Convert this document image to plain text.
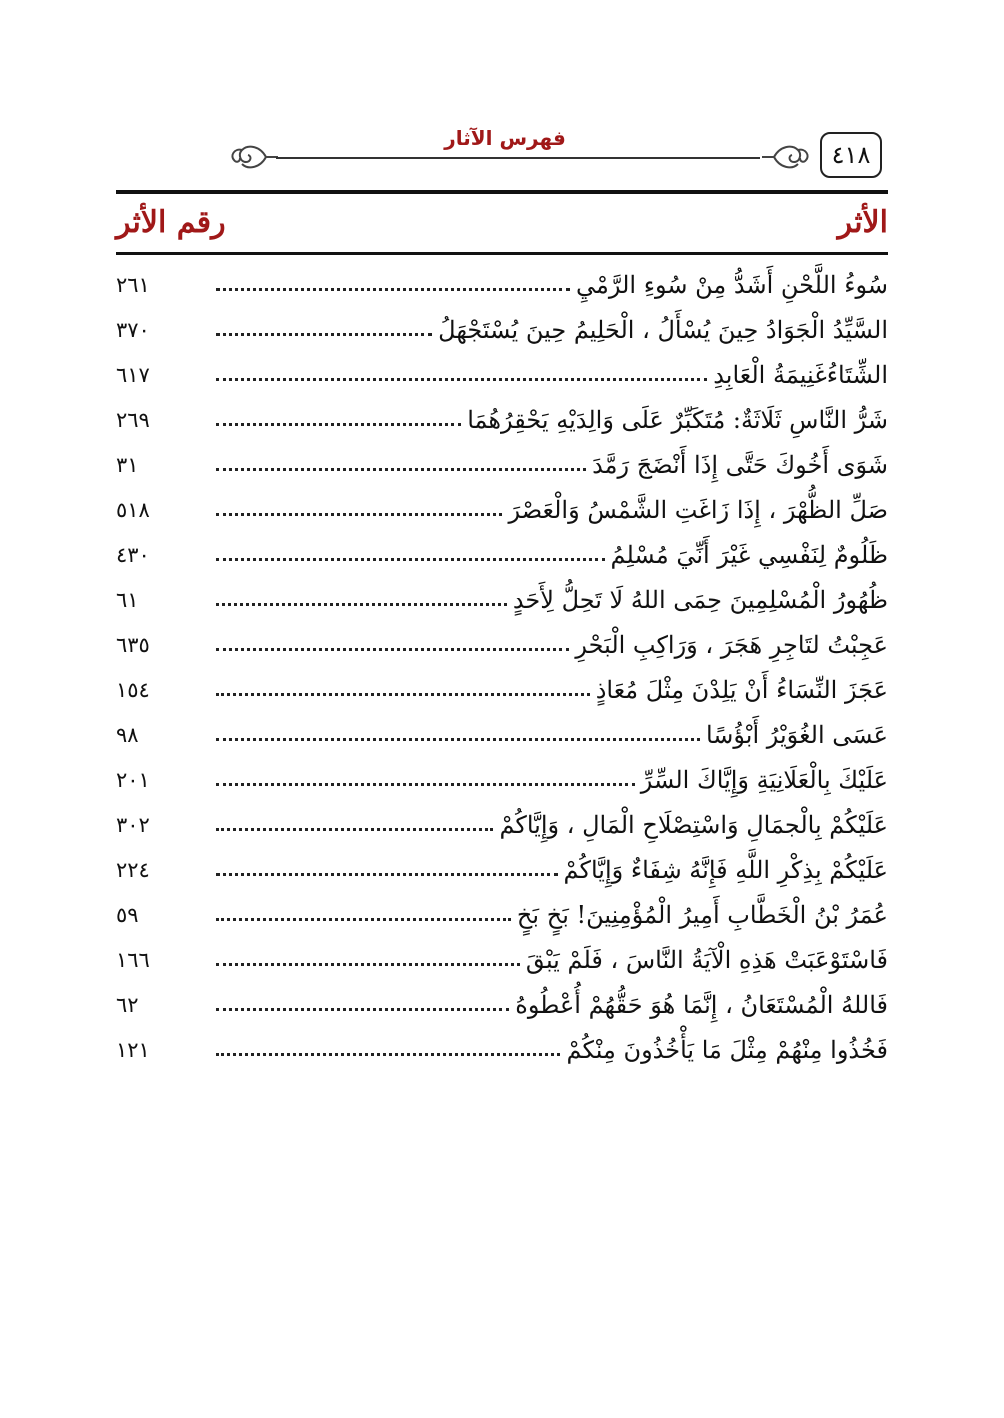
٤١٨
فهرس الآثار
الأثر
رقم الأثر
٢٦١	سُوءُ اللَّحْنِ أَشَدُّ مِنْ سُوءِ الرَّمْيِ
٣٧٠	السَّيِّدُ الْجَوَادُ حِينَ يُسْأَلُ ، الْحَلِيمُ حِينَ يُسْتَجْهَلُ
٦١٧	الشِّتَاءُغَنِيمَةُ الْعَابِدِ
٢٦٩	شَرُّ النَّاسِ ثَلَاثَةٌ: مُتَكَبِّرٌ عَلَى وَالِدَيْهِ يَحْقِرُهُمَا
٣١	شَوَى أَخُوكَ حَتَّى إِذَا أَنْضَجَ رَمَّدَ
٥١٨	صَلِّ الظُّهْرَ ، إِذَا زَاغَتِ الشَّمْسُ وَالْعَصْرَ
٤٣٠	ظَلُومٌ لِنَفْسِي غَيْرَ أَنِّيَ مُسْلِمُ
٦١	ظُهُورُ الْمُسْلِمِينَ حِمَى اللهُ لَا تَحِلُّ لِأَحَدٍ
٦٣٥	عَجِبْتُ لتَاجِرِ هَجَرَ ، وَرَاكِبِ الْبَحْرِ
١٥٤	عَجَزَ النِّسَاءُ أَنْ يَلِدْنَ مِثْلَ مُعَاذٍ
٩٨	عَسَى الغُوَيْرُ أَبْؤُسًا
٢٠١	عَلَيْكَ بِالْعَلَانِيَةِ وَإِيَّاكَ السِّرِّ
٣٠٢	عَلَيْكُمْ بِالْجمَالِ وَاسْتِصْلَاحِ الْمَالِ ، وَإِيَّاكُمْ
٢٢٤	عَلَيْكُمْ بِذِكْرِ اللَّهِ فَإِنَّهُ شِفَاءٌ وَإِيَّاكُمْ
٥٩	عُمَرُ بْنُ الْخَطَّابِ أَمِيرُ الْمُؤْمِنِينَ! بَخٍ بَخٍ
١٦٦	فَاسْتَوْعَبَتْ هَذِهِ الْآيَةُ النَّاسَ ، فَلَمْ يَبْقَ
٦٢	فَاللهُ الْمُسْتَعَانُ ، إِنَّمَا هُوَ حَقُّهُمْ أُعْطُوهُ
١٢١	فَخُذُوا مِنْهُمْ مِثْلَ مَا يَأْخُذُونَ مِنْكُمْ
